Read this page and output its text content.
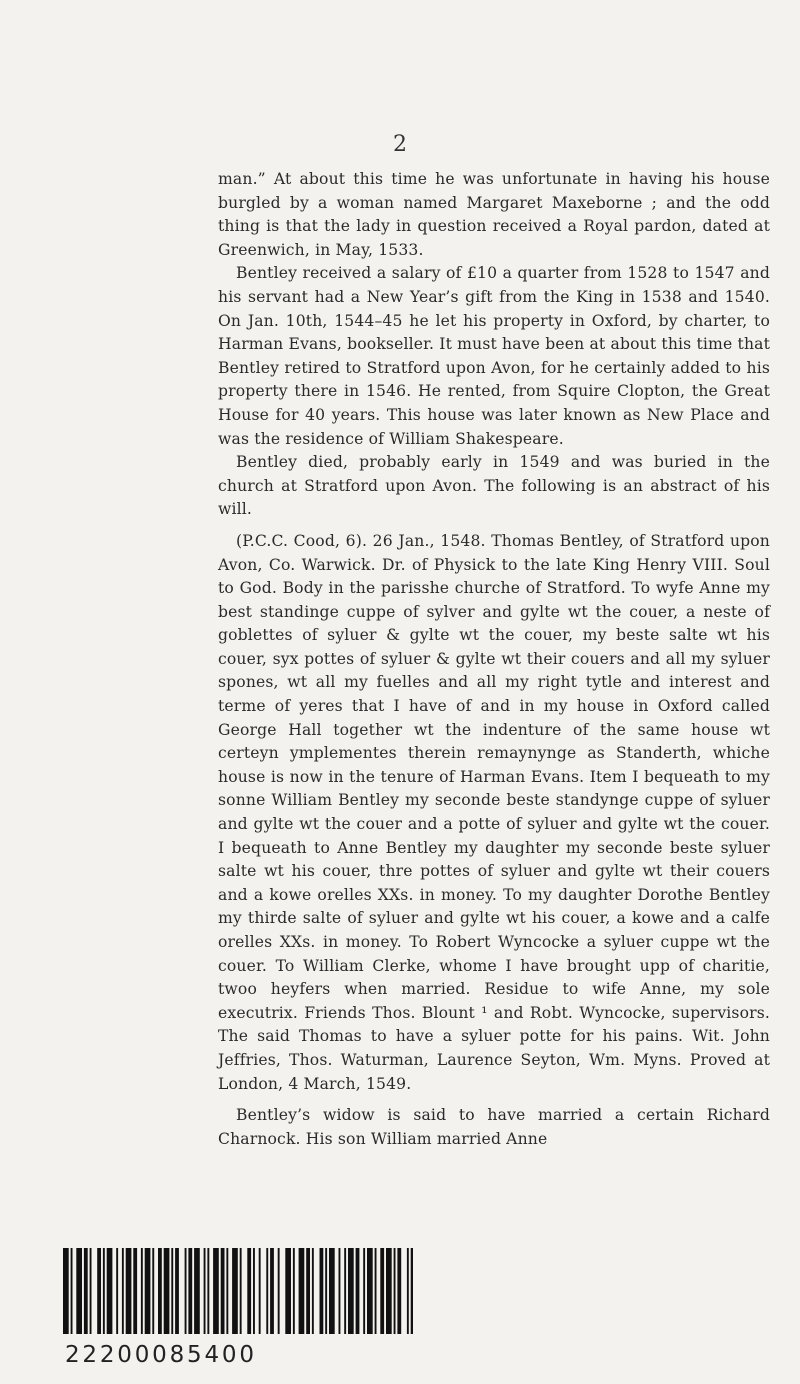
2

man.” At about this time he was unfortunate in having his house burgled by a woman named Margaret Maxeborne ; and the odd thing is that the lady in question received a Royal pardon, dated at Greenwich, in May, 1533.

Bentley received a salary of £10 a quarter from 1528 to 1547 and his servant had a New Year’s gift from the King in 1538 and 1540. On Jan. 10th, 1544–45 he let his property in Oxford, by charter, to Harman Evans, bookseller. It must have been at about this time that Bentley retired to Stratford upon Avon, for he certainly added to his property there in 1546. He rented, from Squire Clopton, the Great House for 40 years. This house was later known as New Place and was the residence of William Shakespeare.

Bentley died, probably early in 1549 and was buried in the church at Stratford upon Avon. The following is an abstract of his will.

(P.C.C. Cood, 6). 26 Jan., 1548. Thomas Bentley, of Stratford upon Avon, Co. Warwick. Dr. of Physick to the late King Henry VIII. Soul to God. Body in the parisshe churche of Stratford. To wyfe Anne my best standinge cuppe of sylver and gylte wt the couer, a neste of goblettes of syluer & gylte wt the couer, my beste salte wt his couer, syx pottes of syluer & gylte wt their couers and all my syluer spones, wt all my fuelles and all my right tytle and interest and terme of yeres that I have of and in my house in Oxford called George Hall together wt the indenture of the same house wt certeyn ymplementes therein remaynynge as Standerth, whiche house is now in the tenure of Harman Evans. Item I bequeath to my sonne William Bentley my seconde beste standynge cuppe of syluer and gylte wt the couer and a potte of syluer and gylte wt the couer. I bequeath to Anne Bentley my daughter my seconde beste syluer salte wt his couer, thre pottes of syluer and gylte wt their couers and a kowe orelles XXs. in money. To my daughter Dorothe Bentley my thirde salte of syluer and gylte wt his couer, a kowe and a calfe orelles XXs. in money. To Robert Wyncocke a syluer cuppe wt the couer. To William Clerke, whome I have brought upp of charitie, twoo heyfers when married. Residue to wife Anne, my sole executrix. Friends Thos. Blount ¹ and Robt. Wyncocke, supervisors. The said Thomas to have a syluer potte for his pains. Wit. John Jeffries, Thos. Waturman, Laurence Seyton, Wm. Myns. Proved at London, 4 March, 1549.

Bentley’s widow is said to have married a certain Richard Charnock. His son William married Anne

22200085400
